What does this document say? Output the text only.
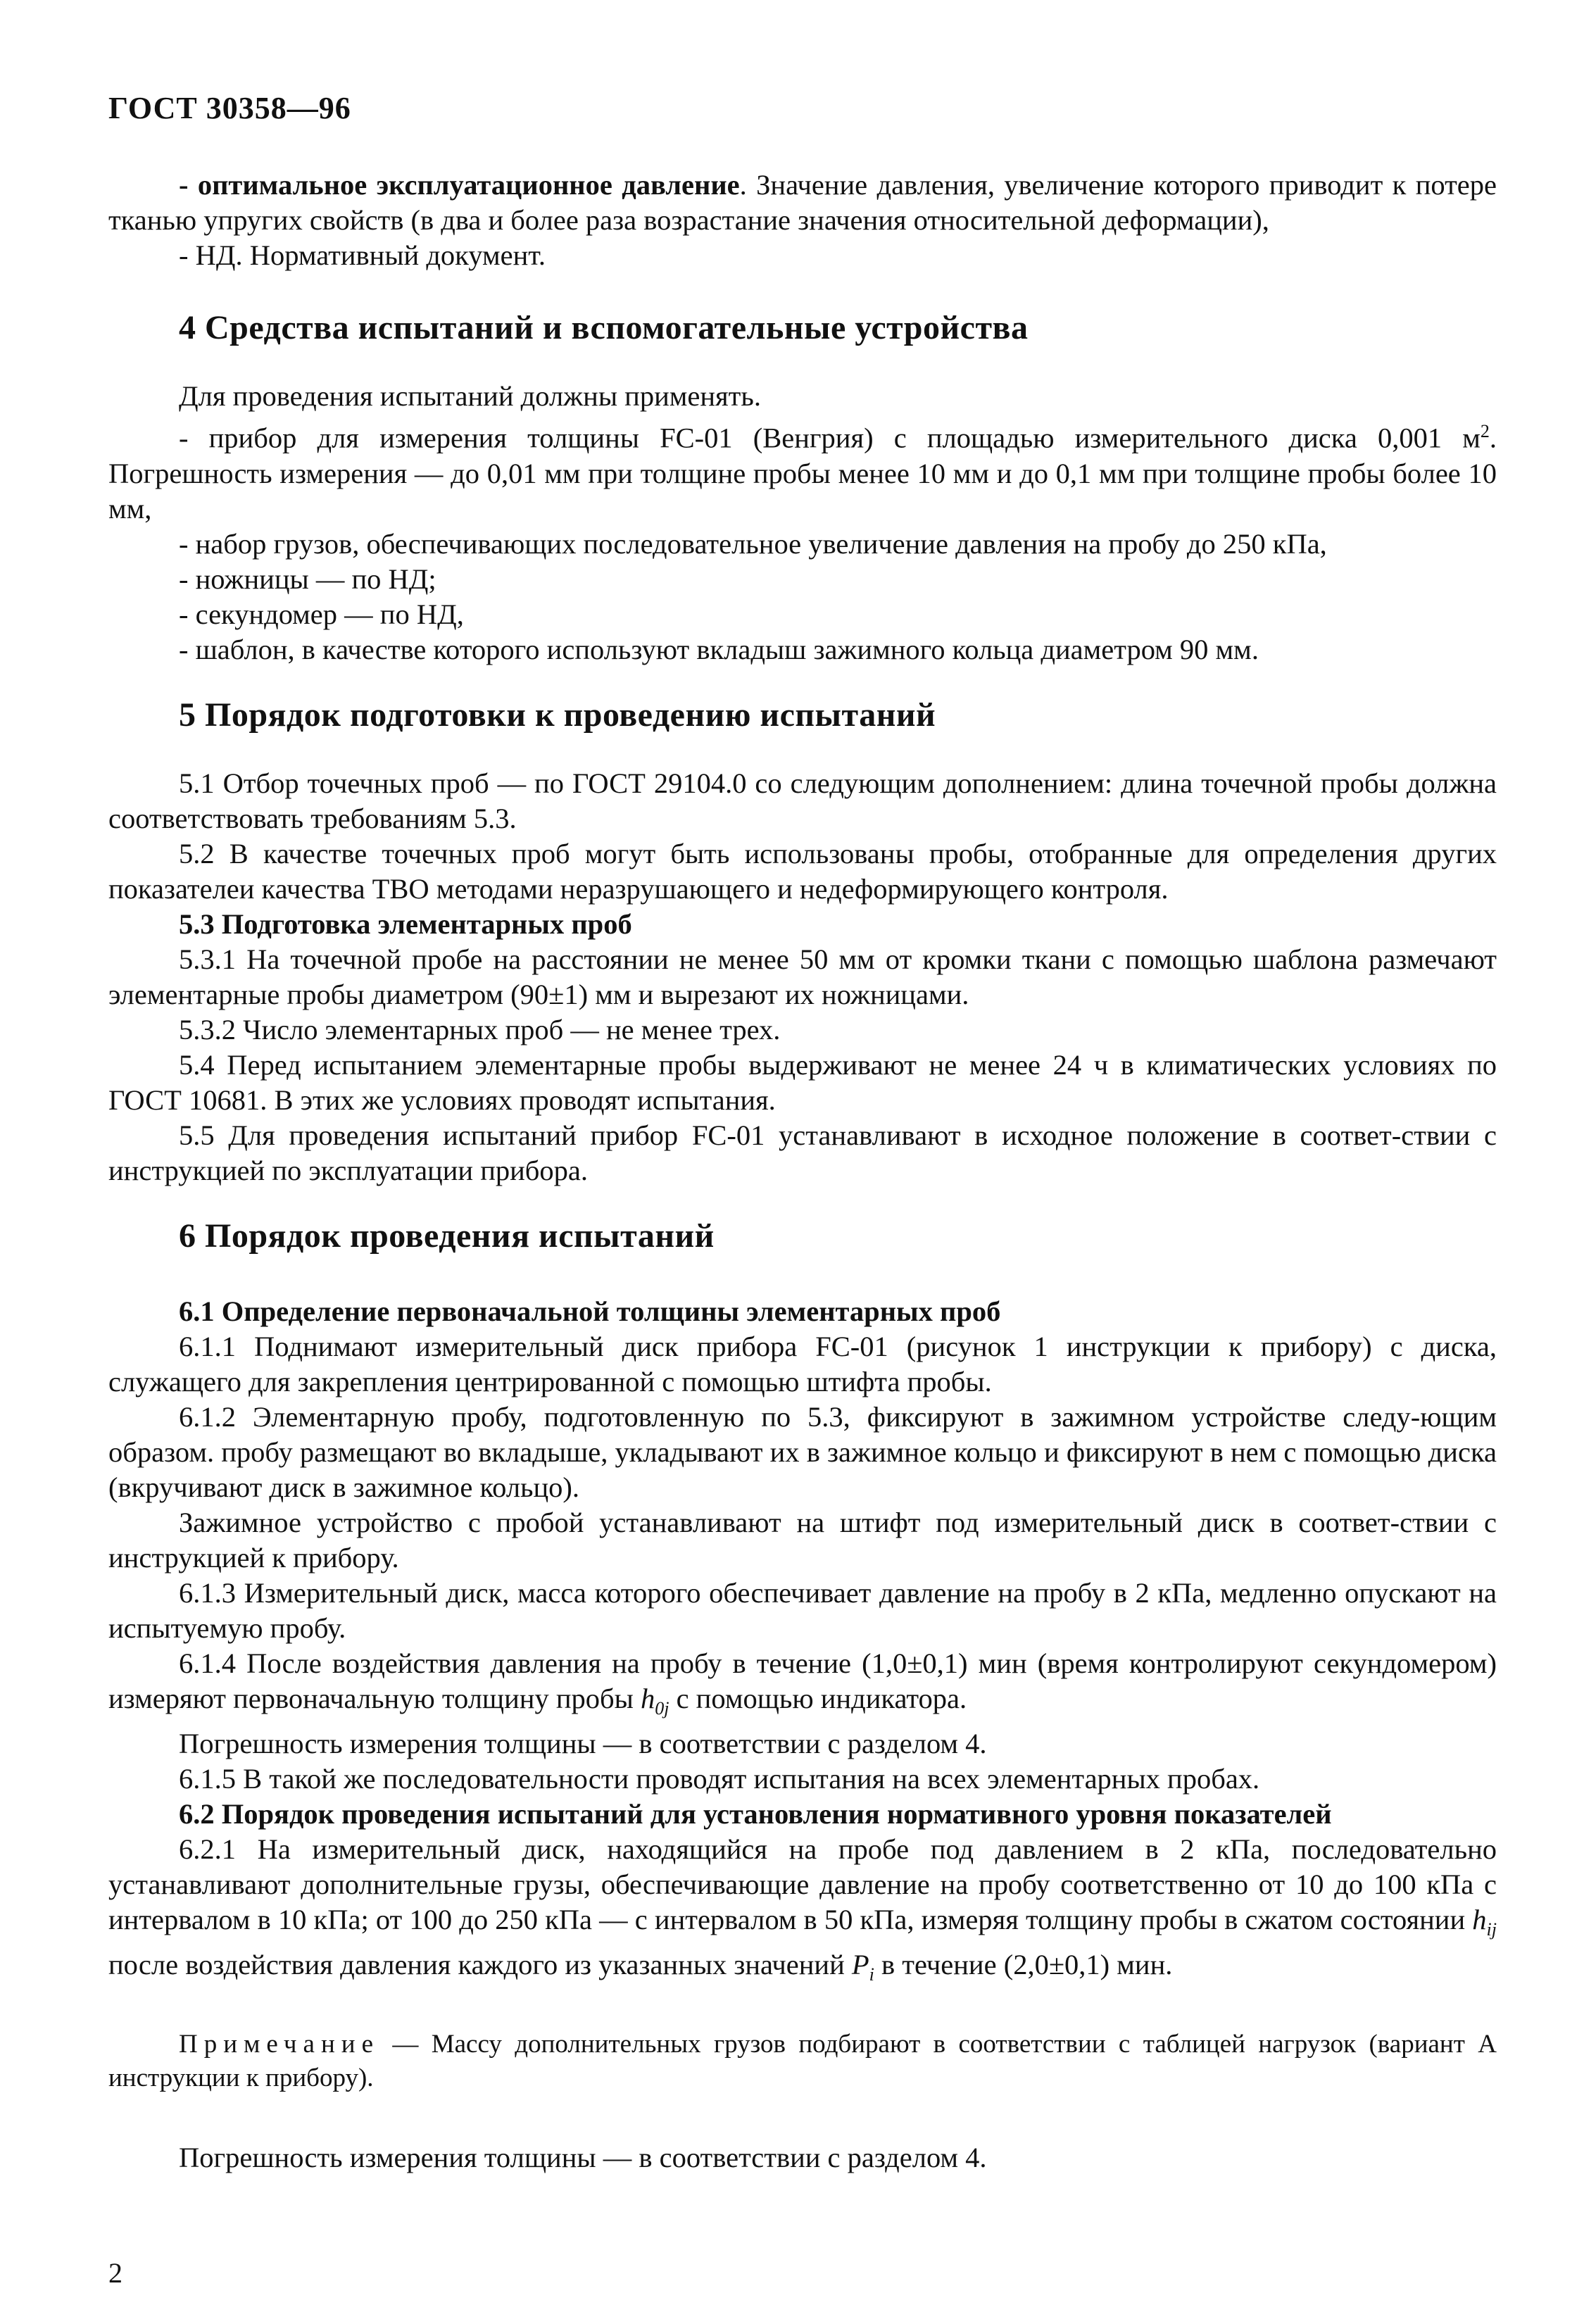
ГОСТ 30358—96

- оптимальное эксплуатационное давление. Значение давления, увеличение которого приводит к потере тканью упругих свойств (в два и более раза возрастание значения относительной деформации),

- НД. Нормативный документ.

4 Средства испытаний и вспомогательные устройства

Для проведения испытаний должны применять.

- прибор для измерения толщины FC-01 (Венгрия) с площадью измерительного диска 0,001 $м^2$. Погрешность измерения — до 0,01 мм при толщине пробы менее 10 мм и до 0,1 мм при толщине пробы более 10 мм,

- набор грузов, обеспечивающих последовательное увеличение давления на пробу до 250 кПа,

- ножницы — по НД;

- секундомер — по НД,

- шаблон, в качестве которого используют вкладыш зажимного кольца диаметром 90 мм.

5 Порядок подготовки к проведению испытаний

5.1 Отбор точечных проб — по ГОСТ 29104.0 со следующим дополнением: длина точечной пробы должна соответствовать требованиям 5.3.

5.2 В качестве точечных проб могут быть использованы пробы, отобранные для определения других показателеи качества ТВО методами неразрушающего и недеформирующего контроля.

5.3 Подготовка элементарных проб

5.3.1 На точечной пробе на расстоянии не менее 50 мм от кромки ткани с помощью шаблона размечают элементарные пробы диаметром (90±1) мм и вырезают их ножницами.

5.3.2 Число элементарных проб — не менее трех.

5.4 Перед испытанием элементарные пробы выдерживают не менее 24 ч в климатических условиях по ГОСТ 10681. В этих же условиях проводят испытания.

5.5 Для проведения испытаний прибор FC-01 устанавливают в исходное положение в соответ-ствии с инструкцией по эксплуатации прибора.

6 Порядок проведения испытаний

6.1 Определение первоначальной толщины элементарных проб

6.1.1 Поднимают измерительный диск прибора FC-01 (рисунок 1 инструкции к прибору) с диска, служащего для закрепления центрированной с помощью штифта пробы.

6.1.2 Элементарную пробу, подготовленную по 5.3, фиксируют в зажимном устройстве следу-ющим образом. пробу размещают во вкладыше, укладывают их в зажимное кольцо и фиксируют в нем с помощью диска (вкручивают диск в зажимное кольцо).

Зажимное устройство с пробой устанавливают на штифт под измерительный диск в соответ-ствии с инструкцией к прибору.

6.1.3 Измерительный диск, масса которого обеспечивает давление на пробу в 2 кПа, медленно опускают на испытуемую пробу.

6.1.4 После воздействия давления на пробу в течение (1,0±0,1) мин (время контролируют секундомером) измеряют первоначальную толщину пробы $h_{0j}$ с помощью индикатора.

Погрешность измерения толщины — в соответствии с разделом 4.

6.1.5 В такой же последовательности проводят испытания на всех элементарных пробах.

6.2 Порядок проведения испытаний для установления нормативного уровня показателей

6.2.1 На измерительный диск, находящийся на пробе под давлением в 2 кПа, последовательно устанавливают дополнительные грузы, обеспечивающие давление на пробу соответственно от 10 до 100 кПа с интервалом в 10 кПа; от 100 до 250 кПа — с интервалом в 50 кПа, измеряя толщину пробы в сжатом состоянии $h_{ij}$ после воздействия давления каждого из указанных значений $P_i$ в течение (2,0±0,1) мин.

Примечание — Массу дополнительных грузов подбирают в соответствии с таблицей нагрузок (вариант А инструкции к прибору).

Погрешность измерения толщины — в соответствии с разделом 4.

2
